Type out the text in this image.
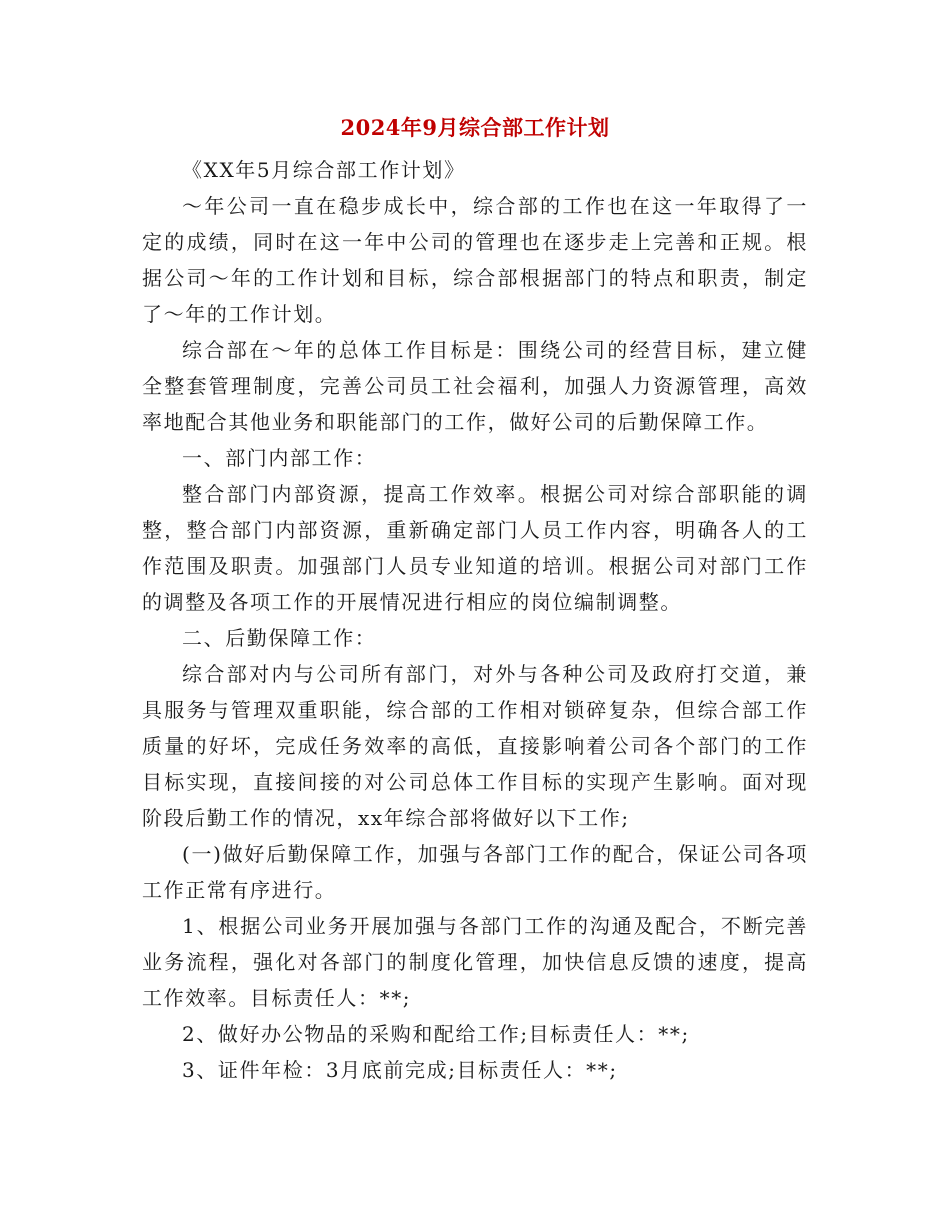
2024年9月综合部工作计划

《XX年5月综合部工作计划》

～年公司一直在稳步成长中，综合部的工作也在这一年取得了一定的成绩，同时在这一年中公司的管理也在逐步走上完善和正规。根据公司～年的工作计划和目标，综合部根据部门的特点和职责，制定了～年的工作计划。

综合部在～年的总体工作目标是：围绕公司的经营目标，建立健全整套管理制度，完善公司员工社会福利，加强人力资源管理，高效率地配合其他业务和职能部门的工作，做好公司的后勤保障工作。

一、部门内部工作：

整合部门内部资源，提高工作效率。根据公司对综合部职能的调整，整合部门内部资源，重新确定部门人员工作内容，明确各人的工作范围及职责。加强部门人员专业知道的培训。根据公司对部门工作的调整及各项工作的开展情况进行相应的岗位编制调整。

二、后勤保障工作：

综合部对内与公司所有部门，对外与各种公司及政府打交道，兼具服务与管理双重职能，综合部的工作相对锁碎复杂，但综合部工作质量的好坏，完成任务效率的高低，直接影响着公司各个部门的工作目标实现，直接间接的对公司总体工作目标的实现产生影响。面对现阶段后勤工作的情况，xx年综合部将做好以下工作;

(一)做好后勤保障工作，加强与各部门工作的配合，保证公司各项工作正常有序进行。

1、根据公司业务开展加强与各部门工作的沟通及配合，不断完善业务流程，强化对各部门的制度化管理，加快信息反馈的速度，提高工作效率。目标责任人：**;

2、做好办公物品的采购和配给工作;目标责任人：**;

3、证件年检：3月底前完成;目标责任人：**;
